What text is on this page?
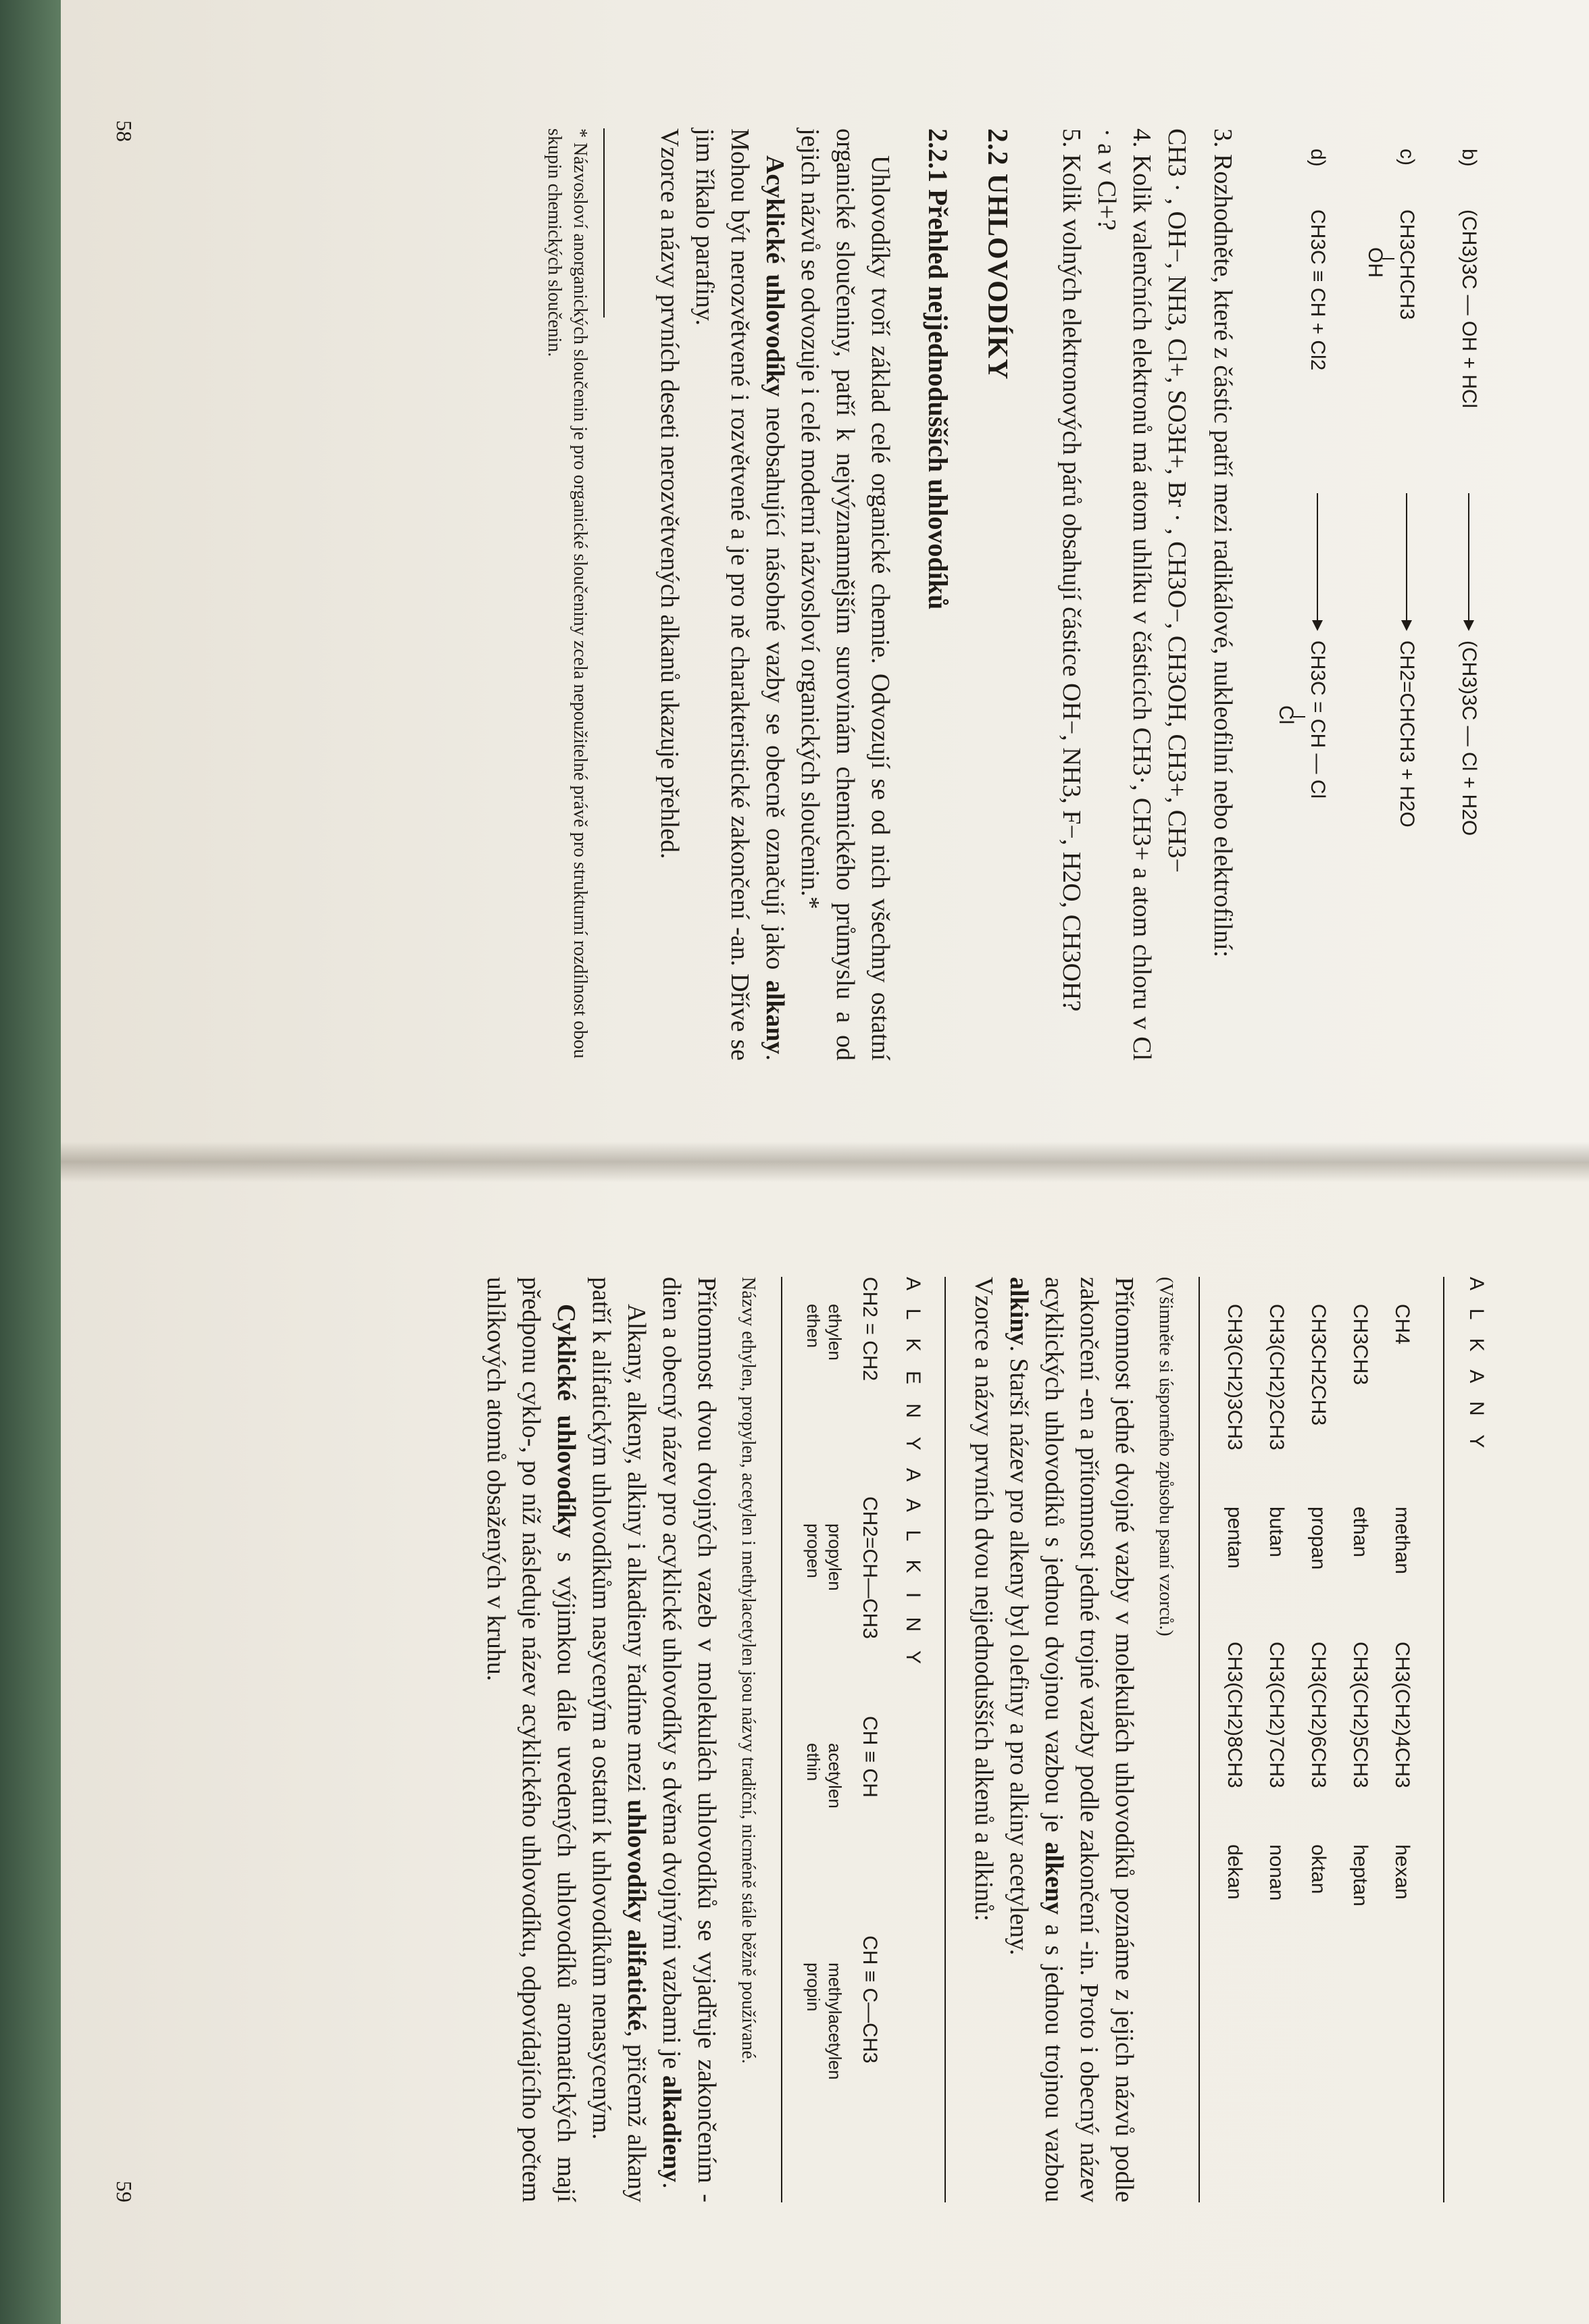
b)
(CH3)3C — OH + HCl
(CH3)3C — Cl + H2O
c)
CH3CHCH3
OH
CH2=CHCH3 + H2O
d)
CH3C ≡ CH + Cl2
CH3C = CH — Cl
Cl

3. Rozhodněte, které z částic patří mezi radikálové, nukleofilní nebo elektrofilní:

CH3 · , OH−, NH3, Cl+, SO3H+, Br · , CH3O−, CH3OH, CH3+, CH3−

4. Kolik valenčních elektronů má atom uhlíku v částicích CH3·, CH3+ a atom chloru v Cl · a v Cl+?

5. Kolik volných elektronových párů obsahují částice OH−, NH3, F−, H2O, CH3OH?

2.2 UHLOVODÍKY
2.2.1 Přehled nejjednodušších uhlovodíků

Uhlovodíky tvoří základ celé organické chemie. Odvozují se od nich všechny ostatní organické sloučeniny, patří k nejvýznamnějším surovinám chemického průmyslu a od jejich názvů se odvozuje i celé moderní názvosloví organických sloučenin.*

Acyklické uhlovodíky neobsahující násobné vazby se obecně označují jako alkany. Mohou být nerozvětvené i rozvětvené a je pro ně charakteristické zakončení -an. Dříve se jim říkalo parafiny.

Vzorce a názvy prvních deseti nerozvětvených alkanů ukazuje přehled.

* Názvosloví anorganických sloučenin je pro organické sloučeniny zcela nepoužitelné právě pro strukturní rozdílnost obou skupin chemických sloučenin.

58
A L K A N Y
CH4	methan	CH3(CH2)4CH3	hexan
CH3CH3	ethan	CH3(CH2)5CH3	heptan
CH3CH2CH3	propan	CH3(CH2)6CH3	oktan
CH3(CH2)2CH3	butan	CH3(CH2)7CH3	nonan
CH3(CH2)3CH3	pentan	CH3(CH2)8CH3	dekan

(Všimněte si úsporného způsobu psaní vzorců.)

Přítomnost jedné dvojné vazby v molekulách uhlovodíků poznáme z jejich názvů podle zakončení -en a přítomnost jedné trojné vazby podle zakončení -in. Proto i obecný název acyklických uhlovodíků s jednou dvojnou vazbou je alkeny a s jednou trojnou vazbou alkiny. Starší název pro alkeny byl olefiny a pro alkiny acetyleny.

Vzorce a názvy prvních dvou nejjednodušších alkenů a alkinů:

A L K E N Y A A L K I N Y
CH2 = CH2
ethylen
ethen
CH2=CH—CH3
propylen
propen
CH ≡ CH
acetylen
ethin
CH ≡ C—CH3
methylacetylen
propin

Názvy ethylen, propylen, acetylen i methylacetylen jsou názvy tradiční, nicméně stále běžně používané.

Přítomnost dvou dvojných vazeb v molekulách uhlovodíků se vyjadřuje zakončením -dien a obecný název pro acyklické uhlovodíky s dvěma dvojnými vazbami je alkadieny.

Alkany, alkeny, alkiny i alkadieny řadíme mezi uhlovodíky alifatické, přičemž alkany patří k alifatickým uhlovodíkům nasyceným a ostatní k uhlovodíkům nenasyceným.

Cyklické uhlovodíky s výjimkou dále uvedených uhlovodíků aromatických mají předponu cyklo-, po níž následuje název acyklického uhlovodíku, odpovídajícího počtem uhlíkových atomů obsažených v kruhu.

59
